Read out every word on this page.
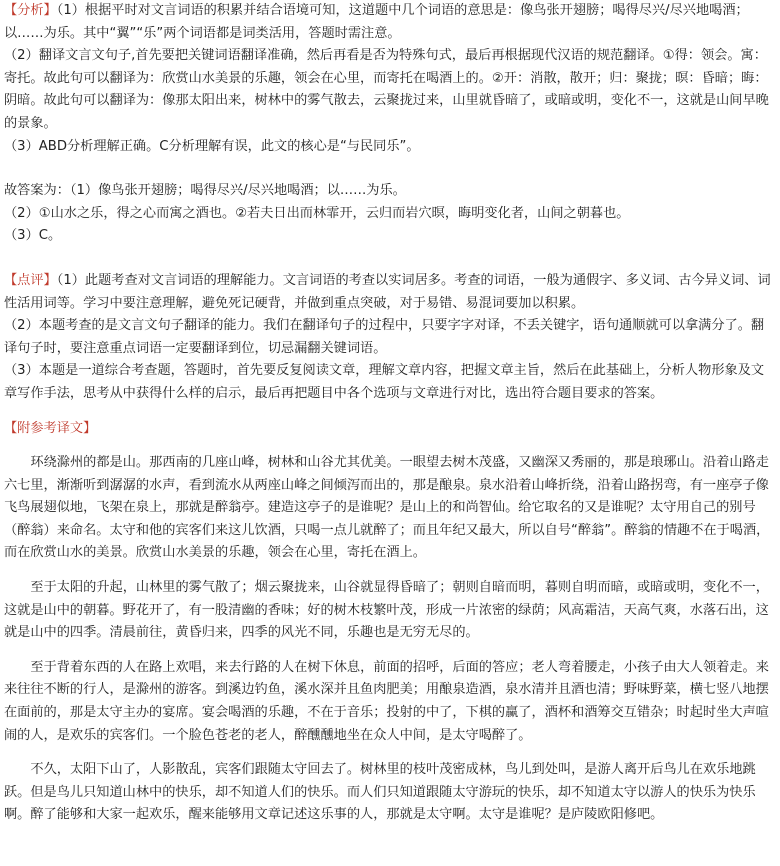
【分析】（1）根据平时对文言词语的积累并结合语境可知，这道题中几个词语的意思是：像鸟张开翅膀；喝得尽兴/尽兴地喝酒；以……为乐。其中“翼”“乐”两个词语都是词类活用，答题时需注意。

（2）翻译文言文句子,首先要把关键词语翻译准确，然后再看是否为特殊句式，最后再根据现代汉语的规范翻译。①得：领会。寓：寄托。故此句可以翻译为：欣赏山水美景的乐趣，领会在心里，而寄托在喝酒上的。②开：消散，散开；归：聚拢；暝：昏暗；晦：阴暗。故此句可以翻译为：像那太阳出来，树林中的雾气散去，云聚拢过来，山里就昏暗了，或暗或明，变化不一，这就是山间早晚的景象。

（3）ABD分析理解正确。C分析理解有误，此文的核心是“与民同乐”。

故答案为：（1）像鸟张开翅膀；喝得尽兴/尽兴地喝酒；以……为乐。

（2）①山水之乐，得之心而寓之酒也。②若夫日出而林霏开，云归而岩穴暝，晦明变化者，山间之朝暮也。

（3）C。

【点评】（1）此题考查对文言词语的理解能力。文言词语的考查以实词居多。考查的词语，一般为通假字、多义词、古今异义词、词性活用词等。学习中要注意理解，避免死记硬背，并做到重点突破，对于易错、易混词要加以积累。

（2）本题考查的是文言文句子翻译的能力。我们在翻译句子的过程中，只要字字对译，不丢关键字，语句通顺就可以拿满分了。翻译句子时，要注意重点词语一定要翻译到位，切忌漏翻关键词语。

（3）本题是一道综合考查题，答题时，首先要反复阅读文章，理解文章内容，把握文章主旨，然后在此基础上，分析人物形象及文章写作手法，思考从中获得什么样的启示，最后再把题目中各个选项与文章进行对比，选出符合题目要求的答案。

【附参考译文】

环绕滁州的都是山。那西南的几座山峰，树林和山谷尤其优美。一眼望去树木茂盛，又幽深又秀丽的，那是琅琊山。沿着山路走六七里，渐渐听到潺潺的水声，看到流水从两座山峰之间倾泻而出的，那是酿泉。泉水沿着山峰折绕，沿着山路拐弯，有一座亭子像飞鸟展翅似地，飞架在泉上，那就是醉翁亭。建造这亭子的是谁呢？是山上的和尚智仙。给它取名的又是谁呢？太守用自己的别号（醉翁）来命名。太守和他的宾客们来这儿饮酒，只喝一点儿就醉了；而且年纪又最大，所以自号“醉翁”。醉翁的情趣不在于喝酒，而在欣赏山水的美景。欣赏山水美景的乐趣，领会在心里，寄托在酒上。

至于太阳的升起，山林里的雾气散了；烟云聚拢来，山谷就显得昏暗了；朝则自暗而明，暮则自明而暗，或暗或明，变化不一，这就是山中的朝暮。野花开了，有一股清幽的香味；好的树木枝繁叶茂，形成一片浓密的绿荫；风高霜洁，天高气爽，水落石出，这就是山中的四季。清晨前往，黄昏归来，四季的风光不同，乐趣也是无穷无尽的。

至于背着东西的人在路上欢唱，来去行路的人在树下休息，前面的招呼，后面的答应；老人弯着腰走，小孩子由大人领着走。来来往往不断的行人，是滁州的游客。到溪边钓鱼，溪水深并且鱼肉肥美；用酿泉造酒，泉水清并且酒也清；野味野菜，横七竖八地摆在面前的，那是太守主办的宴席。宴会喝酒的乐趣，不在于音乐；投射的中了，下棋的赢了，酒杯和酒筹交互错杂；时起时坐大声喧闹的人，是欢乐的宾客们。一个脸色苍老的老人，醉醺醺地坐在众人中间，是太守喝醉了。

不久，太阳下山了，人影散乱，宾客们跟随太守回去了。树林里的枝叶茂密成林，鸟儿到处叫，是游人离开后鸟儿在欢乐地跳跃。但是鸟儿只知道山林中的快乐，却不知道人们的快乐。而人们只知道跟随太守游玩的快乐，却不知道太守以游人的快乐为快乐啊。醉了能够和大家一起欢乐，醒来能够用文章记述这乐事的人，那就是太守啊。太守是谁呢？是庐陵欧阳修吧。
